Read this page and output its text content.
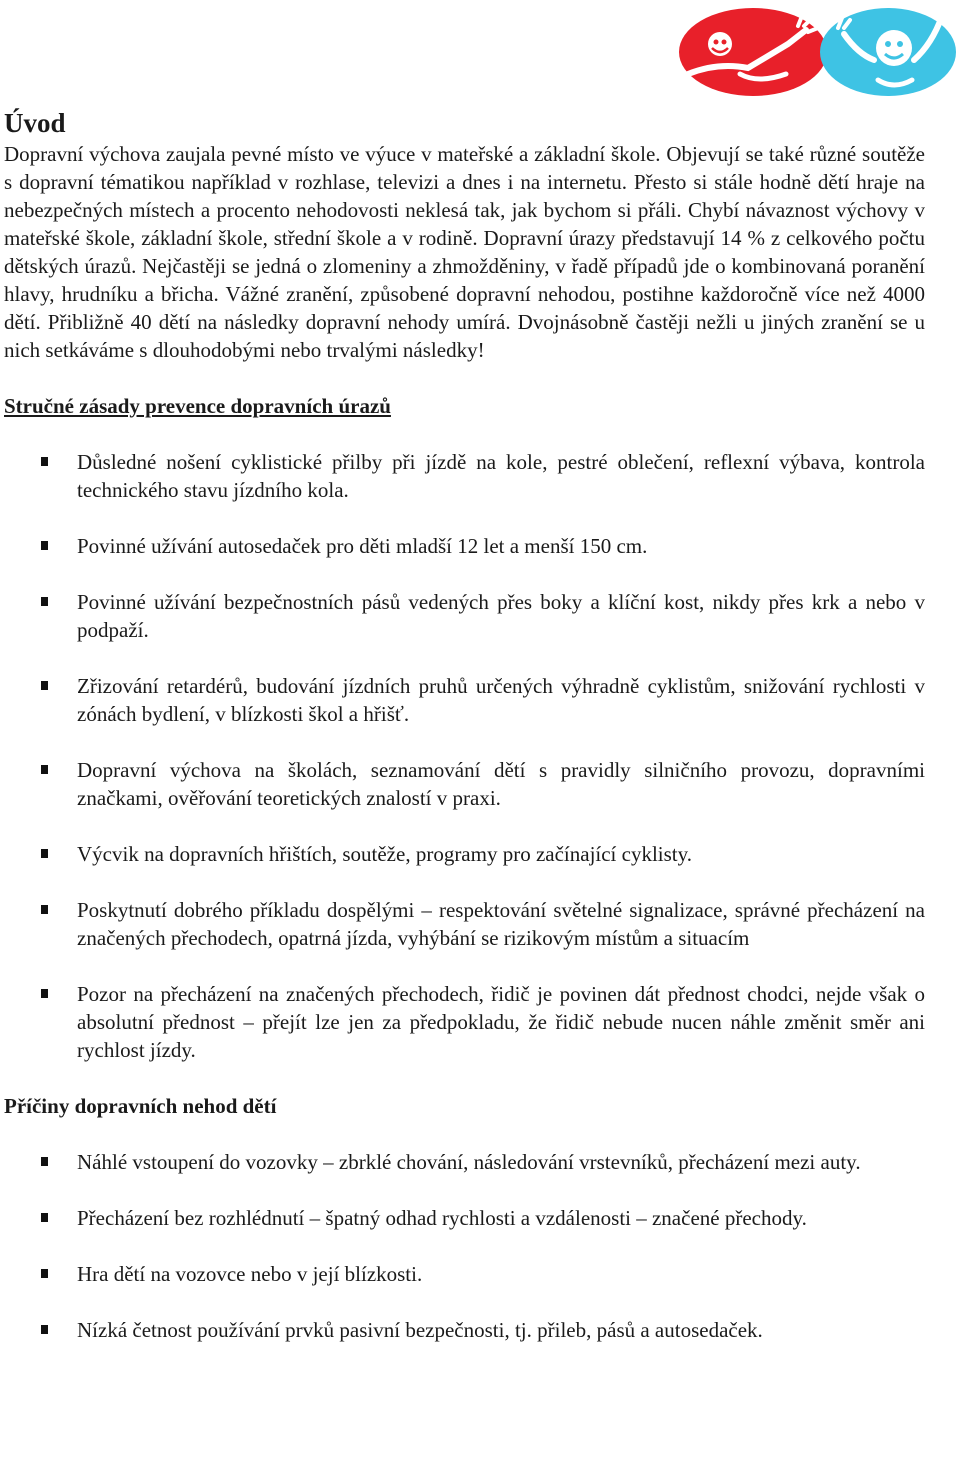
Úvod

Dopravní výchova zaujala pevné místo ve výuce v mateřské a základní škole. Objevují se také různé soutěže s dopravní tématikou například v rozhlase, televizi a dnes i na internetu. Přesto si stále hodně dětí hraje na nebezpečných místech a procento nehodovosti neklesá tak, jak bychom si přáli. Chybí návaznost výchovy v mateřské škole, základní škole, střední škole a v rodině. Dopravní úrazy představují 14 % z celkového počtu dětských úrazů. Nejčastěji se jedná o zlomeniny a zhmožděniny, v řadě případů jde o kombinovaná poranění hlavy, hrudníku a břicha. Vážné zranění, způsobené dopravní nehodou, postihne každoročně více než 4000 dětí. Přibližně 40 dětí na následky dopravní nehody umírá. Dvojnásobně častěji nežli u jiných zranění se u nich setkáváme s dlouhodobými nebo trvalými následky!

Stručné zásady prevence dopravních úrazů
Důsledné nošení cyklistické přilby při jízdě na kole, pestré oblečení, reflexní výbava, kontrola technického stavu jízdního kola.
Povinné užívání autosedaček pro děti mladší 12 let a menší 150 cm.
Povinné užívání bezpečnostních pásů vedených přes boky a klíční kost, nikdy přes krk a nebo v podpaží.
Zřizování retardérů, budování jízdních pruhů určených výhradně cyklistům, snižování rychlosti v zónách bydlení, v blízkosti škol a hřišť.
Dopravní výchova na školách, seznamování dětí s pravidly silničního provozu, dopravními značkami, ověřování teoretických znalostí v praxi.
Výcvik na dopravních hřištích, soutěže, programy pro začínající cyklisty.
Poskytnutí dobrého příkladu dospělými – respektování světelné signalizace, správné přecházení na značených přechodech, opatrná jízda, vyhýbání se rizikovým místům a situacím
Pozor na přecházení na značených přechodech, řidič je povinen dát přednost chodci, nejde však o absolutní přednost – přejít lze jen za předpokladu, že řidič nebude nucen náhle změnit směr ani rychlost jízdy.
Příčiny dopravních nehod dětí
Náhlé vstoupení do vozovky – zbrklé chování, následování vrstevníků, přecházení mezi auty.
Přecházení bez rozhlédnutí – špatný odhad rychlosti a vzdálenosti – značené přechody.
Hra dětí na vozovce nebo v její blízkosti.
Nízká četnost používání prvků pasivní bezpečnosti, tj. přileb, pásů a autosedaček.
